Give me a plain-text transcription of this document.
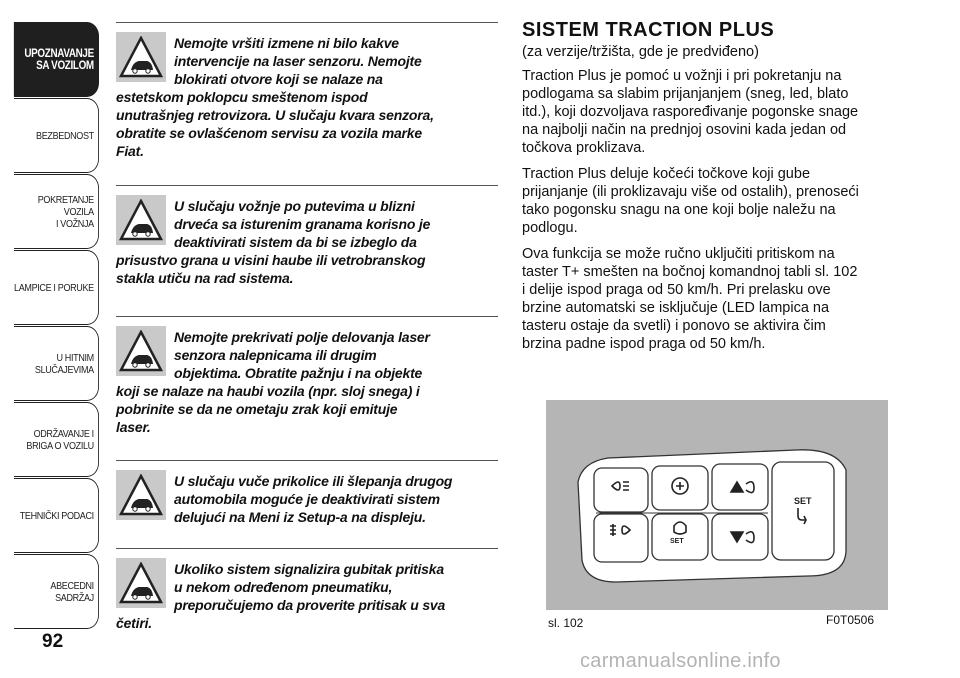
UPOZNAVANJE
SA VOZILOM
BEZBEDNOST
POKRETANJE VOZILA
I VOŽNJA
LAMPICE I PORUKE
U HITNIM
SLUČAJEVIMA
ODRŽAVANJE I
BRIGA O VOZILU
TEHNIČKI PODACI
ABECEDNI SADRŽAJ
92
Nemojte vršiti izmene ni bilo kakve
intervencije na laser senzoru. Nemojte
blokirati otvore koji se nalaze na
estetskom poklopcu smeštenom ispod
unutrašnjeg retrovizora. U slučaju kvara senzora,
obratite se ovlašćenom servisu za vozila marke
Fiat.
U slučaju vožnje po putevima u blizni
drveća sa isturenim granama korisno je
deaktivirati sistem da bi se izbeglo da
prisustvo grana u visini haube ili vetrobranskog
stakla utiču na rad sistema.
Nemojte prekrivati polje delovanja laser
senzora nalepnicama ili drugim
objektima. Obratite pažnju i na objekte
koji se nalaze na haubi vozila (npr. sloj snega) i
pobrinite se da ne ometaju zrak koji emituje
laser.
U slučaju vuče prikolice ili šlepanja drugog
automobila moguće je deaktivirati sistem
delujući na Meni iz Setup-a na displeju.
Ukoliko sistem signalizira gubitak pritiska
u nekom određenom pneumatiku,
preporučujemo da proverite pritisak u sva
četiri.
SISTEM TRACTION PLUS
(za verzije/tržišta, gde je predviđeno)

Traction Plus je pomoć u vožnji i pri pokretanju na
podlogama sa slabim prijanjanjem (sneg, led, blato
itd.), koji dozvoljava raspoređivanje pogonske snage
na najbolji način na prednjoj osovini kada jedan od
točkova proklizava.

Traction Plus deluje kočeći točkove koji gube
prijanjanje (ili proklizavaju više od ostalih), prenoseći
tako pogonsku snagu na one koji bolje naležu na
podlogu.

Ova funkcija se može ručno uključiti pritiskom na
taster T+ smešten na bočnoj komandnoj tabli sl. 102
i delije ispod praga od 50 km/h. Pri prelasku ove
brzine automatski se isključuje (LED lampica na
tasteru ostaje da svetli) i ponovo se aktivira čim
brzina padne ispod praga od 50 km/h.

SET
SET
sl. 102	F0T0506
carmanualsonline.info
